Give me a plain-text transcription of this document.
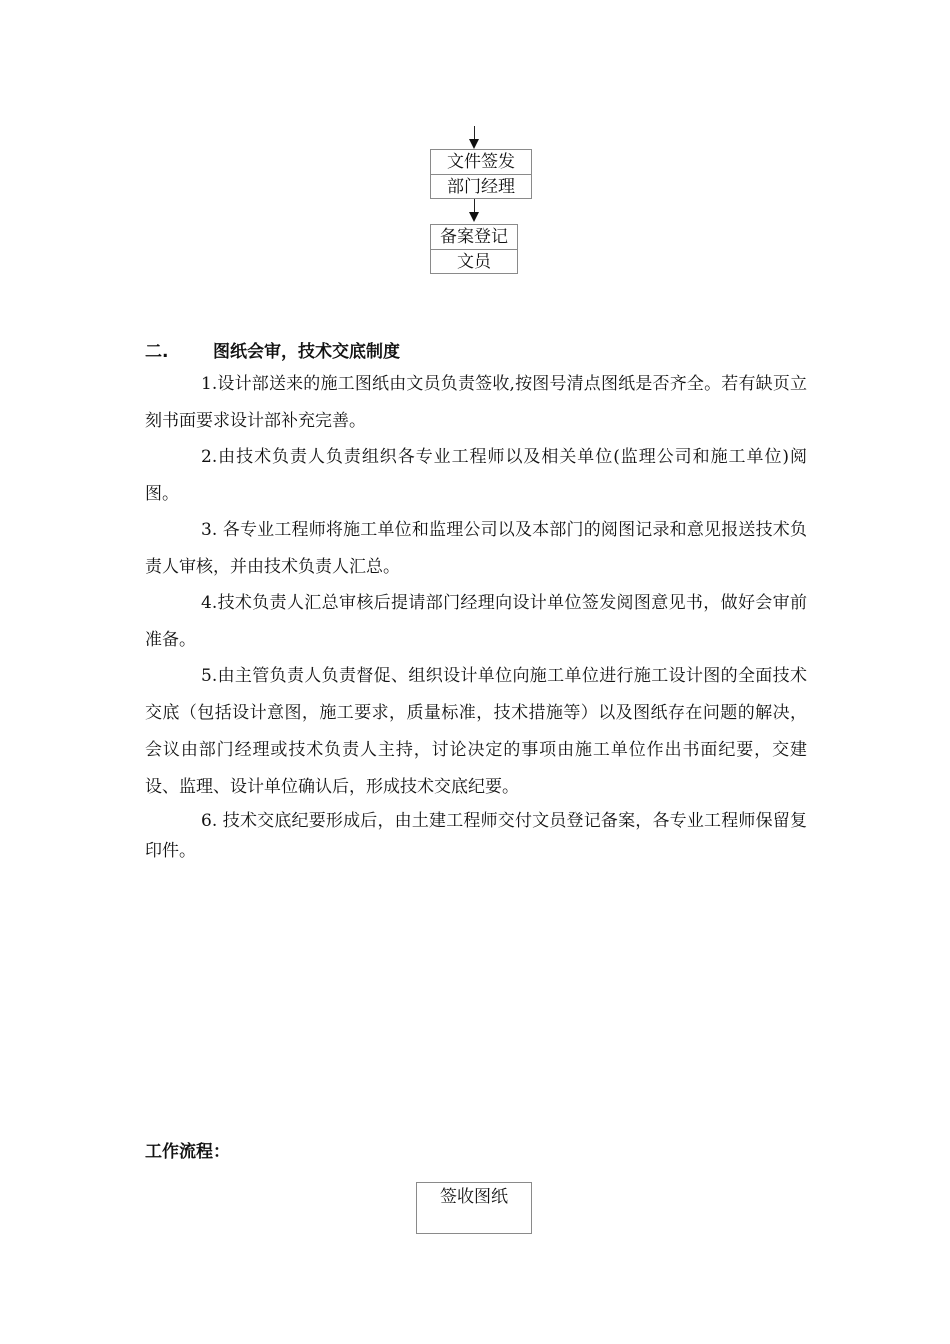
文件签发
部门经理
备案登记
文员
二.	图纸会审，技术交底制度

1.设计部送来的施工图纸由文员负责签收,按图号清点图纸是否齐全。若有缺页立刻书面要求设计部补充完善。

2.由技术负责人负责组织各专业工程师以及相关单位(监理公司和施工单位)阅图。

3. 各专业工程师将施工单位和监理公司以及本部门的阅图记录和意见报送技术负责人审核，并由技术负责人汇总。

4.技术负责人汇总审核后提请部门经理向设计单位签发阅图意见书，做好会审前准备。

5.由主管负责人负责督促、组织设计单位向施工单位进行施工设计图的全面技术交底（包括设计意图，施工要求，质量标准，技术措施等）以及图纸存在问题的解决，会议由部门经理或技术负责人主持，讨论决定的事项由施工单位作出书面纪要，交建设、监理、设计单位确认后，形成技术交底纪要。

6. 技术交底纪要形成后，由土建工程师交付文员登记备案，各专业工程师保留复印件。

工作流程：
签收图纸
